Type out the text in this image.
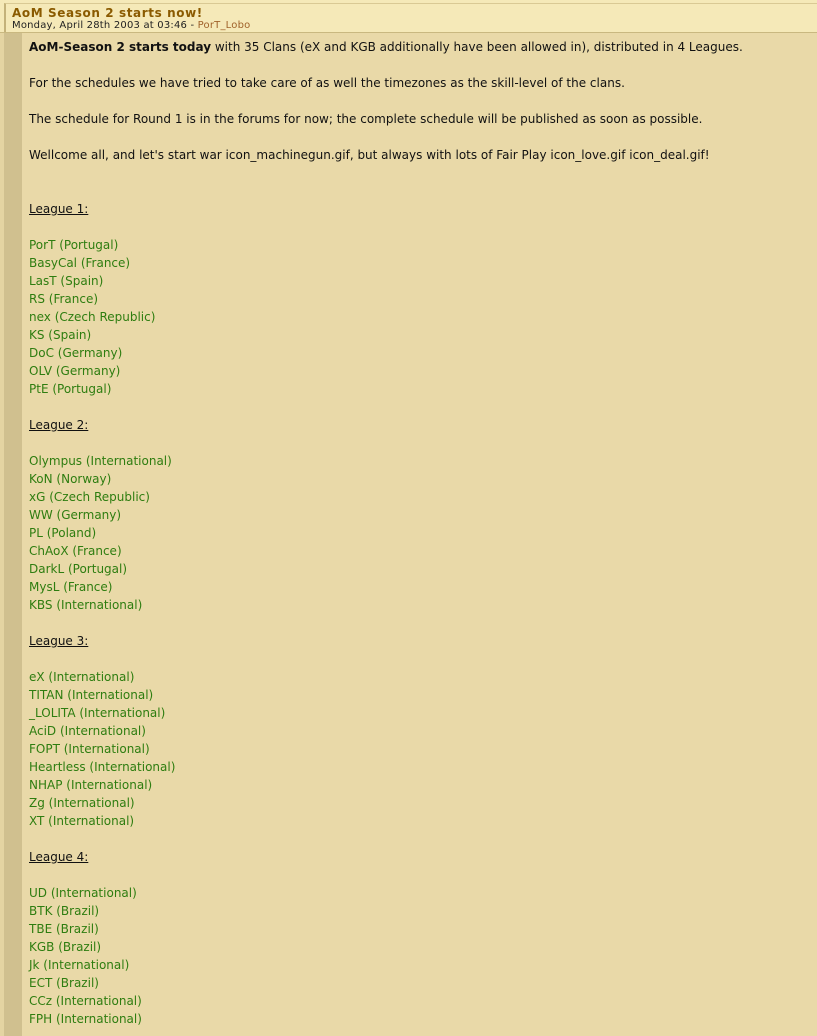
AoM Season 2 starts now!
Monday, April 28th 2003 at 03:46 - PorT_Lobo

AoM-Season 2 starts today with 35 Clans (eX and KGB additionally have been allowed in), distributed in 4 Leagues.

For the schedules we have tried to take care of as well the timezones as the skill-level of the clans.

The schedule for Round 1 is in the forums for now; the complete schedule will be published as soon as possible.

Wellcome all, and let's start war icon_machinegun.gif, but always with lots of Fair Play icon_love.gif icon_deal.gif!

League 1:

PorT (Portugal)

BasyCal (France)

LasT (Spain)

RS (France)

nex (Czech Republic)

KS (Spain)

DoC (Germany)

OLV (Germany)

PtE (Portugal)

League 2:

Olympus (International)

KoN (Norway)

xG (Czech Republic)

WW (Germany)

PL (Poland)

ChAoX (France)

DarkL (Portugal)

MysL (France)

KBS (International)

League 3:

eX (International)

TITAN (International)

_LOLITA (International)

AciD (International)

FOPT (International)

Heartless (International)

NHAP (International)

Zg (International)

XT (International)

League 4:

UD (International)

BTK (Brazil)

TBE (Brazil)

KGB (Brazil)

Jk (International)

ECT (Brazil)

CCz (International)

FPH (International)
